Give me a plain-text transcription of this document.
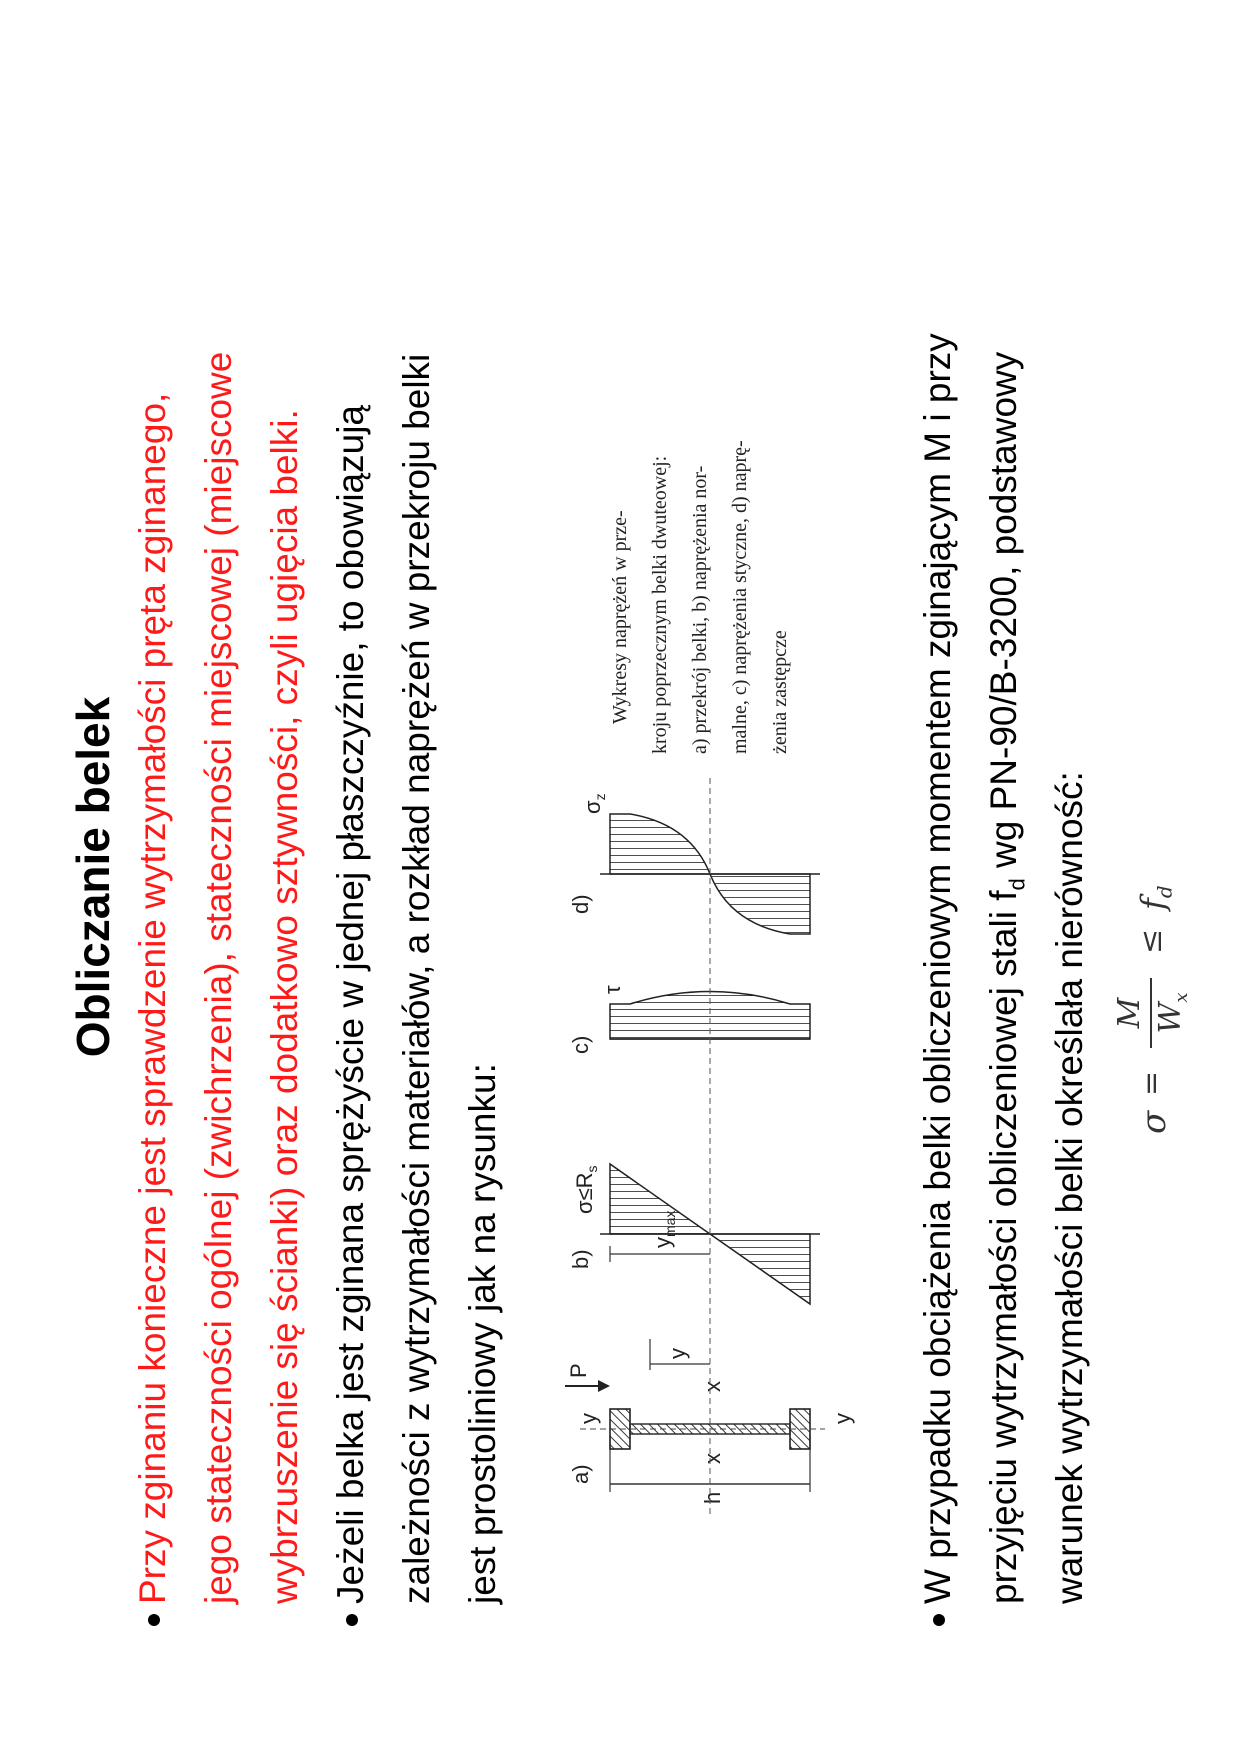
Obliczanie belek Przy zginaniu konieczne jest sprawdzenie wytrzymałości pręta zginanego, jego stateczności ogólnej (zwichrzenia), stateczności miejscowej (miejscowe wybrzuszenie się ścianki) oraz dodatkowo sztywności, czyli ugięcia belki. Jeżeli belka jest zginana sprężyście w jednej płaszczyźnie, to obowiązują zależności z wytrzymałości materiałów, a rozkład naprężeń w przekroju belki jest prostoliniowy jak na rysunku:	a)
h
x
x
y	y
P
y
b)
y
$\sigma\le R_s$
c)
τ
d)
$\sigma_z$
Wykresy naprężeń w prze- kroju poprzecznym belki dwuteowej: a) przekrój belki, b) naprężenia nor- malne, c) naprężenia styczne, d) naprę- żenia zastępcze	W przypadku obciążenia belki obliczeniowym momentem zginającym M i przy przyjęciu wytrzymałości obliczeniowej stali $f_d$ wg PN-90/B-3200, podstawowy
warunek wytrzymałości belki określała nierówność:	σ
=
M $W_x$
≤
$f_d$
